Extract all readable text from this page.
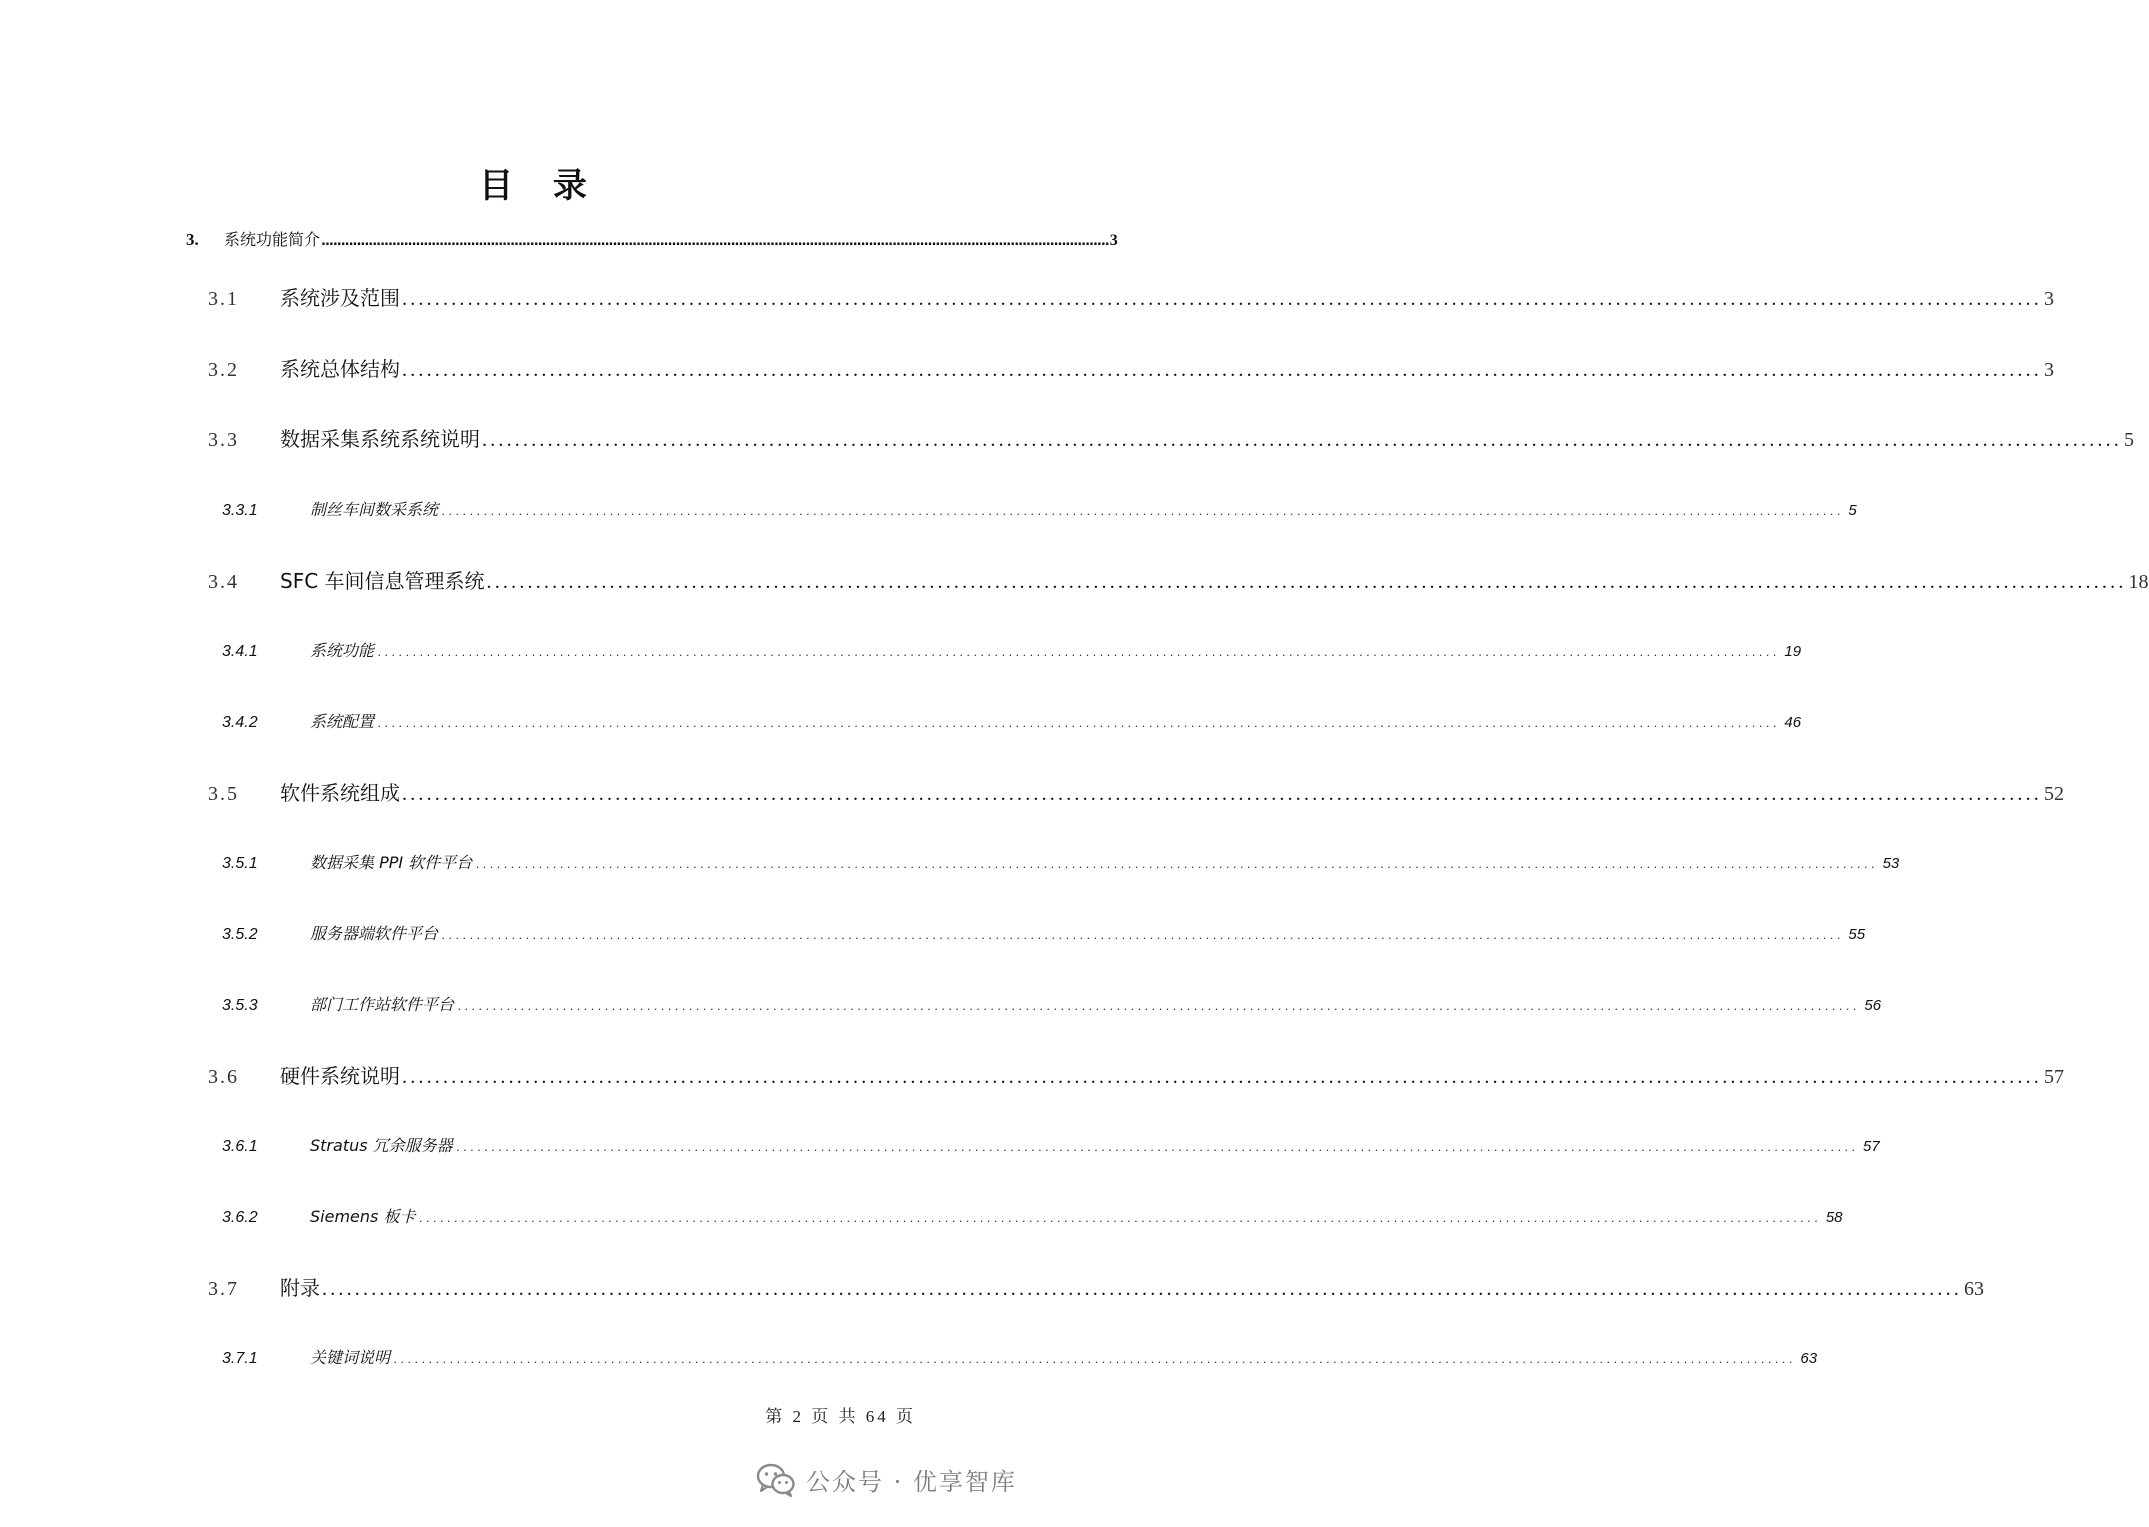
目 录
3.	系统功能简介 ........................................................................................................................................................................................................ 3
3.1	系统涉及范围 ........................................................................................................................................................................................................ 3
3.2	系统总体结构 ........................................................................................................................................................................................................ 3
3.3	数据采集系统系统说明 ........................................................................................................................................................................................................ 5
3.3.1	制丝车间数采系统 ........................................................................................................................................................................................................ 5
3.4	SFC 车间信息管理系统 ........................................................................................................................................................................................................ 18
3.4.1	系统功能 ........................................................................................................................................................................................................ 19
3.4.2	系统配置 ........................................................................................................................................................................................................ 46
3.5	软件系统组成 ........................................................................................................................................................................................................ 52
3.5.1	数据采集 PPI 软件平台 ........................................................................................................................................................................................................ 53
3.5.2	服务器端软件平台 ........................................................................................................................................................................................................ 55
3.5.3	部门工作站软件平台 ........................................................................................................................................................................................................ 56
3.6	硬件系统说明 ........................................................................................................................................................................................................ 57
3.6.1	Stratus 冗余服务器 ........................................................................................................................................................................................................ 57
3.6.2	Siemens 板卡 ........................................................................................................................................................................................................ 58
3.7	附录 ........................................................................................................................................................................................................ 63
3.7.1	关键词说明 ........................................................................................................................................................................................................ 63
第 2 页 共 64 页
公众号 · 优享智库
